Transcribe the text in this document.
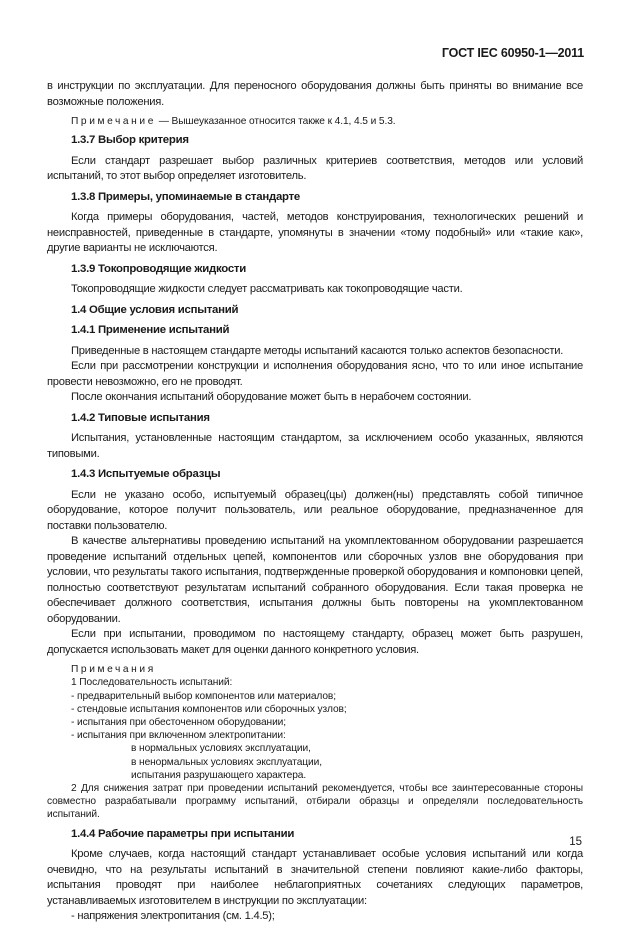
ГОСТ IEC 60950-1—2011

в инструкции по эксплуатации. Для переносного оборудования должны быть приняты во внимание все возможные положения.

Примечание — Вышеуказанное относится также к 4.1, 4.5 и 5.3.

1.3.7 Выбор критерия

Если стандарт разрешает выбор различных критериев соответствия, методов или условий испытаний, то этот выбор определяет изготовитель.

1.3.8 Примеры, упоминаемые в стандарте

Когда примеры оборудования, частей, методов конструирования, технологических решений и неисправностей, приведенные в стандарте, упомянуты в значении «тому подобный» или «такие как», другие варианты не исключаются.

1.3.9 Токопроводящие жидкости

Токопроводящие жидкости следует рассматривать как токопроводящие части.

1.4 Общие условия испытаний
1.4.1 Применение испытаний

Приведенные в настоящем стандарте методы испытаний касаются только аспектов безопасности.

Если при рассмотрении конструкции и исполнения оборудования ясно, что то или иное испытание провести невозможно, его не проводят.

После окончания испытаний оборудование может быть в нерабочем состоянии.

1.4.2 Типовые испытания

Испытания, установленные настоящим стандартом, за исключением особо указанных, являются типовыми.

1.4.3 Испытуемые образцы

Если не указано особо, испытуемый образец(цы) должен(ны) представлять собой типичное оборудование, которое получит пользователь, или реальное оборудование, предназначенное для поставки пользователю.

В качестве альтернативы проведению испытаний на укомплектованном оборудовании разрешается проведение испытаний отдельных цепей, компонентов или сборочных узлов вне оборудования при условии, что результаты такого испытания, подтвержденные проверкой оборудования и компоновки цепей, полностью соответствуют результатам испытаний собранного оборудования. Если такая проверка не обеспечивает должного соответствия, испытания должны быть повторены на укомплектованном оборудовании.

Если при испытании, проводимом по настоящему стандарту, образец может быть разрушен, допускается использовать макет для оценки данного конкретного условия.

Примечания

1 Последовательность испытаний:

- предварительный выбор компонентов или материалов;

- стендовые испытания компонентов или сборочных узлов;

- испытания при обесточенном оборудовании;

- испытания при включенном электропитании:

в нормальных условиях эксплуатации,

в ненормальных условиях эксплуатации,

испытания разрушающего характера.

2 Для снижения затрат при проведении испытаний рекомендуется, чтобы все заинтересованные стороны совместно разрабатывали программу испытаний, отбирали образцы и определяли последовательность испытаний.

1.4.4 Рабочие параметры при испытании

Кроме случаев, когда настоящий стандарт устанавливает особые условия испытаний или когда очевидно, что на результаты испытаний в значительной степени повлияют какие-либо факторы, испытания проводят при наиболее неблагоприятных сочетаниях следующих параметров, устанавливаемых изготовителем в инструкции по эксплуатации:

- напряжения электропитания (см. 1.4.5);

15
